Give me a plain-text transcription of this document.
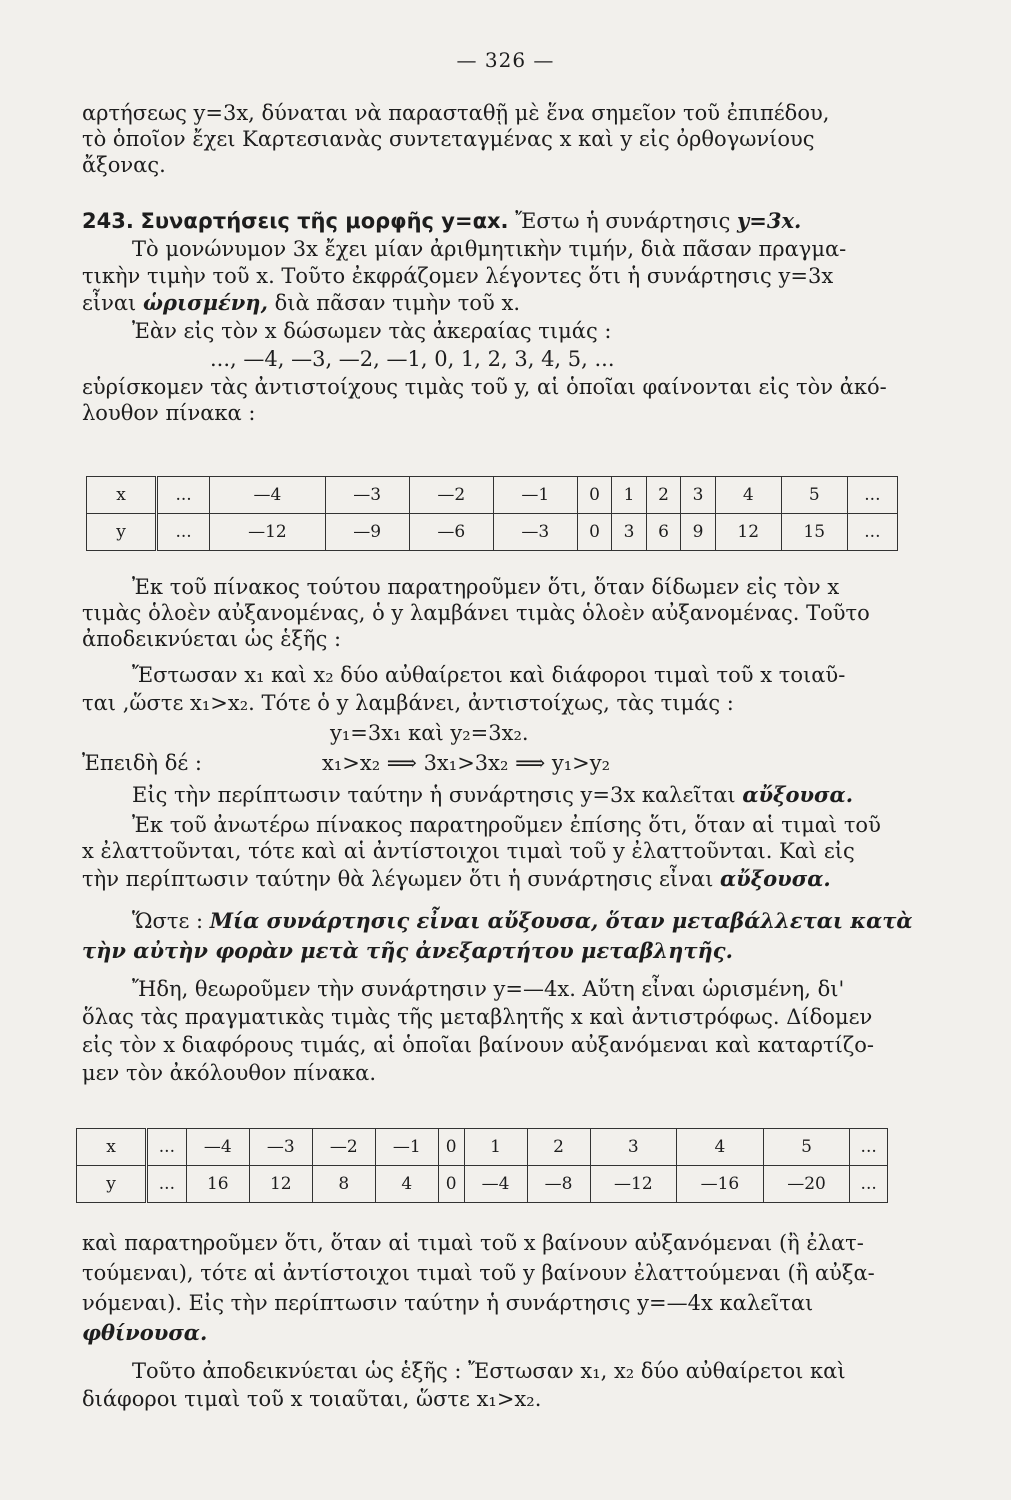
— 326 —
αρτήσεως y=3x, δύναται νὰ παρασταθῇ μὲ ἕνα σημεῖον τοῦ ἐπιπέδου,
τὸ ὁποῖον ἔχει Καρτεσιανὰς συντεταγμένας x καὶ y εἰς ὀρθογωνίους
ἄξονας.
243. Συναρτήσεις τῆς μορφῆς y=αx. Ἔστω ἡ συνάρτησις y=3x.
Τὸ μονώνυμον 3x ἔχει μίαν ἀριθμητικὴν τιμήν, διὰ πᾶσαν πραγμα-
τικὴν τιμὴν τοῦ x. Τοῦτο ἐκφράζομεν λέγοντες ὅτι ἡ συνάρτησις y=3x
εἶναι ὡρισμένη, διὰ πᾶσαν τιμὴν τοῦ x.
Ἐὰν εἰς τὸν x δώσωμεν τὰς ἀκεραίας τιμάς :
..., —4, —3, —2, —1, 0, 1, 2, 3, 4, 5, ...
εὑρίσκομεν τὰς ἀντιστοίχους τιμὰς τοῦ y, αἱ ὁποῖαι φαίνονται εἰς τὸν ἀκό-
λουθον πίνακα :
x	...	—4	—3	—2	—1	0	1	2	3	4	5	...
y	...	—12	—9	—6	—3	0	3	6	9	12	15	...
Ἐκ τοῦ πίνακος τούτου παρατηροῦμεν ὅτι, ὅταν δίδωμεν εἰς τὸν x
τιμὰς ὁλοὲν αὐξανομένας, ὁ y λαμβάνει τιμὰς ὁλοὲν αὐξανομένας. Τοῦτο
ἀποδεικνύεται ὡς ἑξῆς :
Ἔστωσαν x₁ καὶ x₂ δύο αὐθαίρετοι καὶ διάφοροι τιμαὶ τοῦ x τοιαῦ-
ται ,ὥστε x₁>x₂. Τότε ὁ y λαμβάνει, ἀντιστοίχως, τὰς τιμάς :
y₁=3x₁ καὶ y₂=3x₂.
Ἐπειδὴ δέ :	x₁>x₂ ⟹ 3x₁>3x₂ ⟹ y₁>y₂
Εἰς τὴν περίπτωσιν ταύτην ἡ συνάρτησις y=3x καλεῖται αὔξουσα.
Ἐκ τοῦ ἀνωτέρω πίνακος παρατηροῦμεν ἐπίσης ὅτι, ὅταν αἱ τιμαὶ τοῦ
x ἐλαττοῦνται, τότε καὶ αἱ ἀντίστοιχοι τιμαὶ τοῦ y ἐλαττοῦνται. Καὶ εἰς
τὴν περίπτωσιν ταύτην θὰ λέγωμεν ὅτι ἡ συνάρτησις εἶναι αὔξουσα.
Ὥστε : Μία συνάρτησις εἶναι αὔξουσα, ὅταν μεταβάλλεται κατὰ
τὴν αὐτὴν φορὰν μετὰ τῆς ἀνεξαρτήτου μεταβλητῆς.
Ἤδη, θεωροῦμεν τὴν συνάρτησιν y=—4x. Αὕτη εἶναι ὡρισμένη, δι'
ὅλας τὰς πραγματικὰς τιμὰς τῆς μεταβλητῆς x καὶ ἀντιστρόφως. Δίδομεν
εἰς τὸν x διαφόρους τιμάς, αἱ ὁποῖαι βαίνουν αὐξανόμεναι καὶ καταρτίζο-
μεν τὸν ἀκόλουθον πίνακα.
x	...	—4	—3	—2	—1	0	1	2	3	4	5	...
y	...	16	12	8	4	0	—4	—8	—12	—16	—20	...
καὶ παρατηροῦμεν ὅτι, ὅταν αἱ τιμαὶ τοῦ x βαίνουν αὐξανόμεναι (ἢ ἐλατ-
τούμεναι), τότε αἱ ἀντίστοιχοι τιμαὶ τοῦ y βαίνουν ἐλαττούμεναι (ἢ αὐξα-
νόμεναι). Εἰς τὴν περίπτωσιν ταύτην ἡ συνάρτησις y=—4x καλεῖται
φθίνουσα.
Τοῦτο ἀποδεικνύεται ὡς ἑξῆς : Ἔστωσαν x₁, x₂ δύο αὐθαίρετοι καὶ
διάφοροι τιμαὶ τοῦ x τοιαῦται, ὥστε x₁>x₂.
